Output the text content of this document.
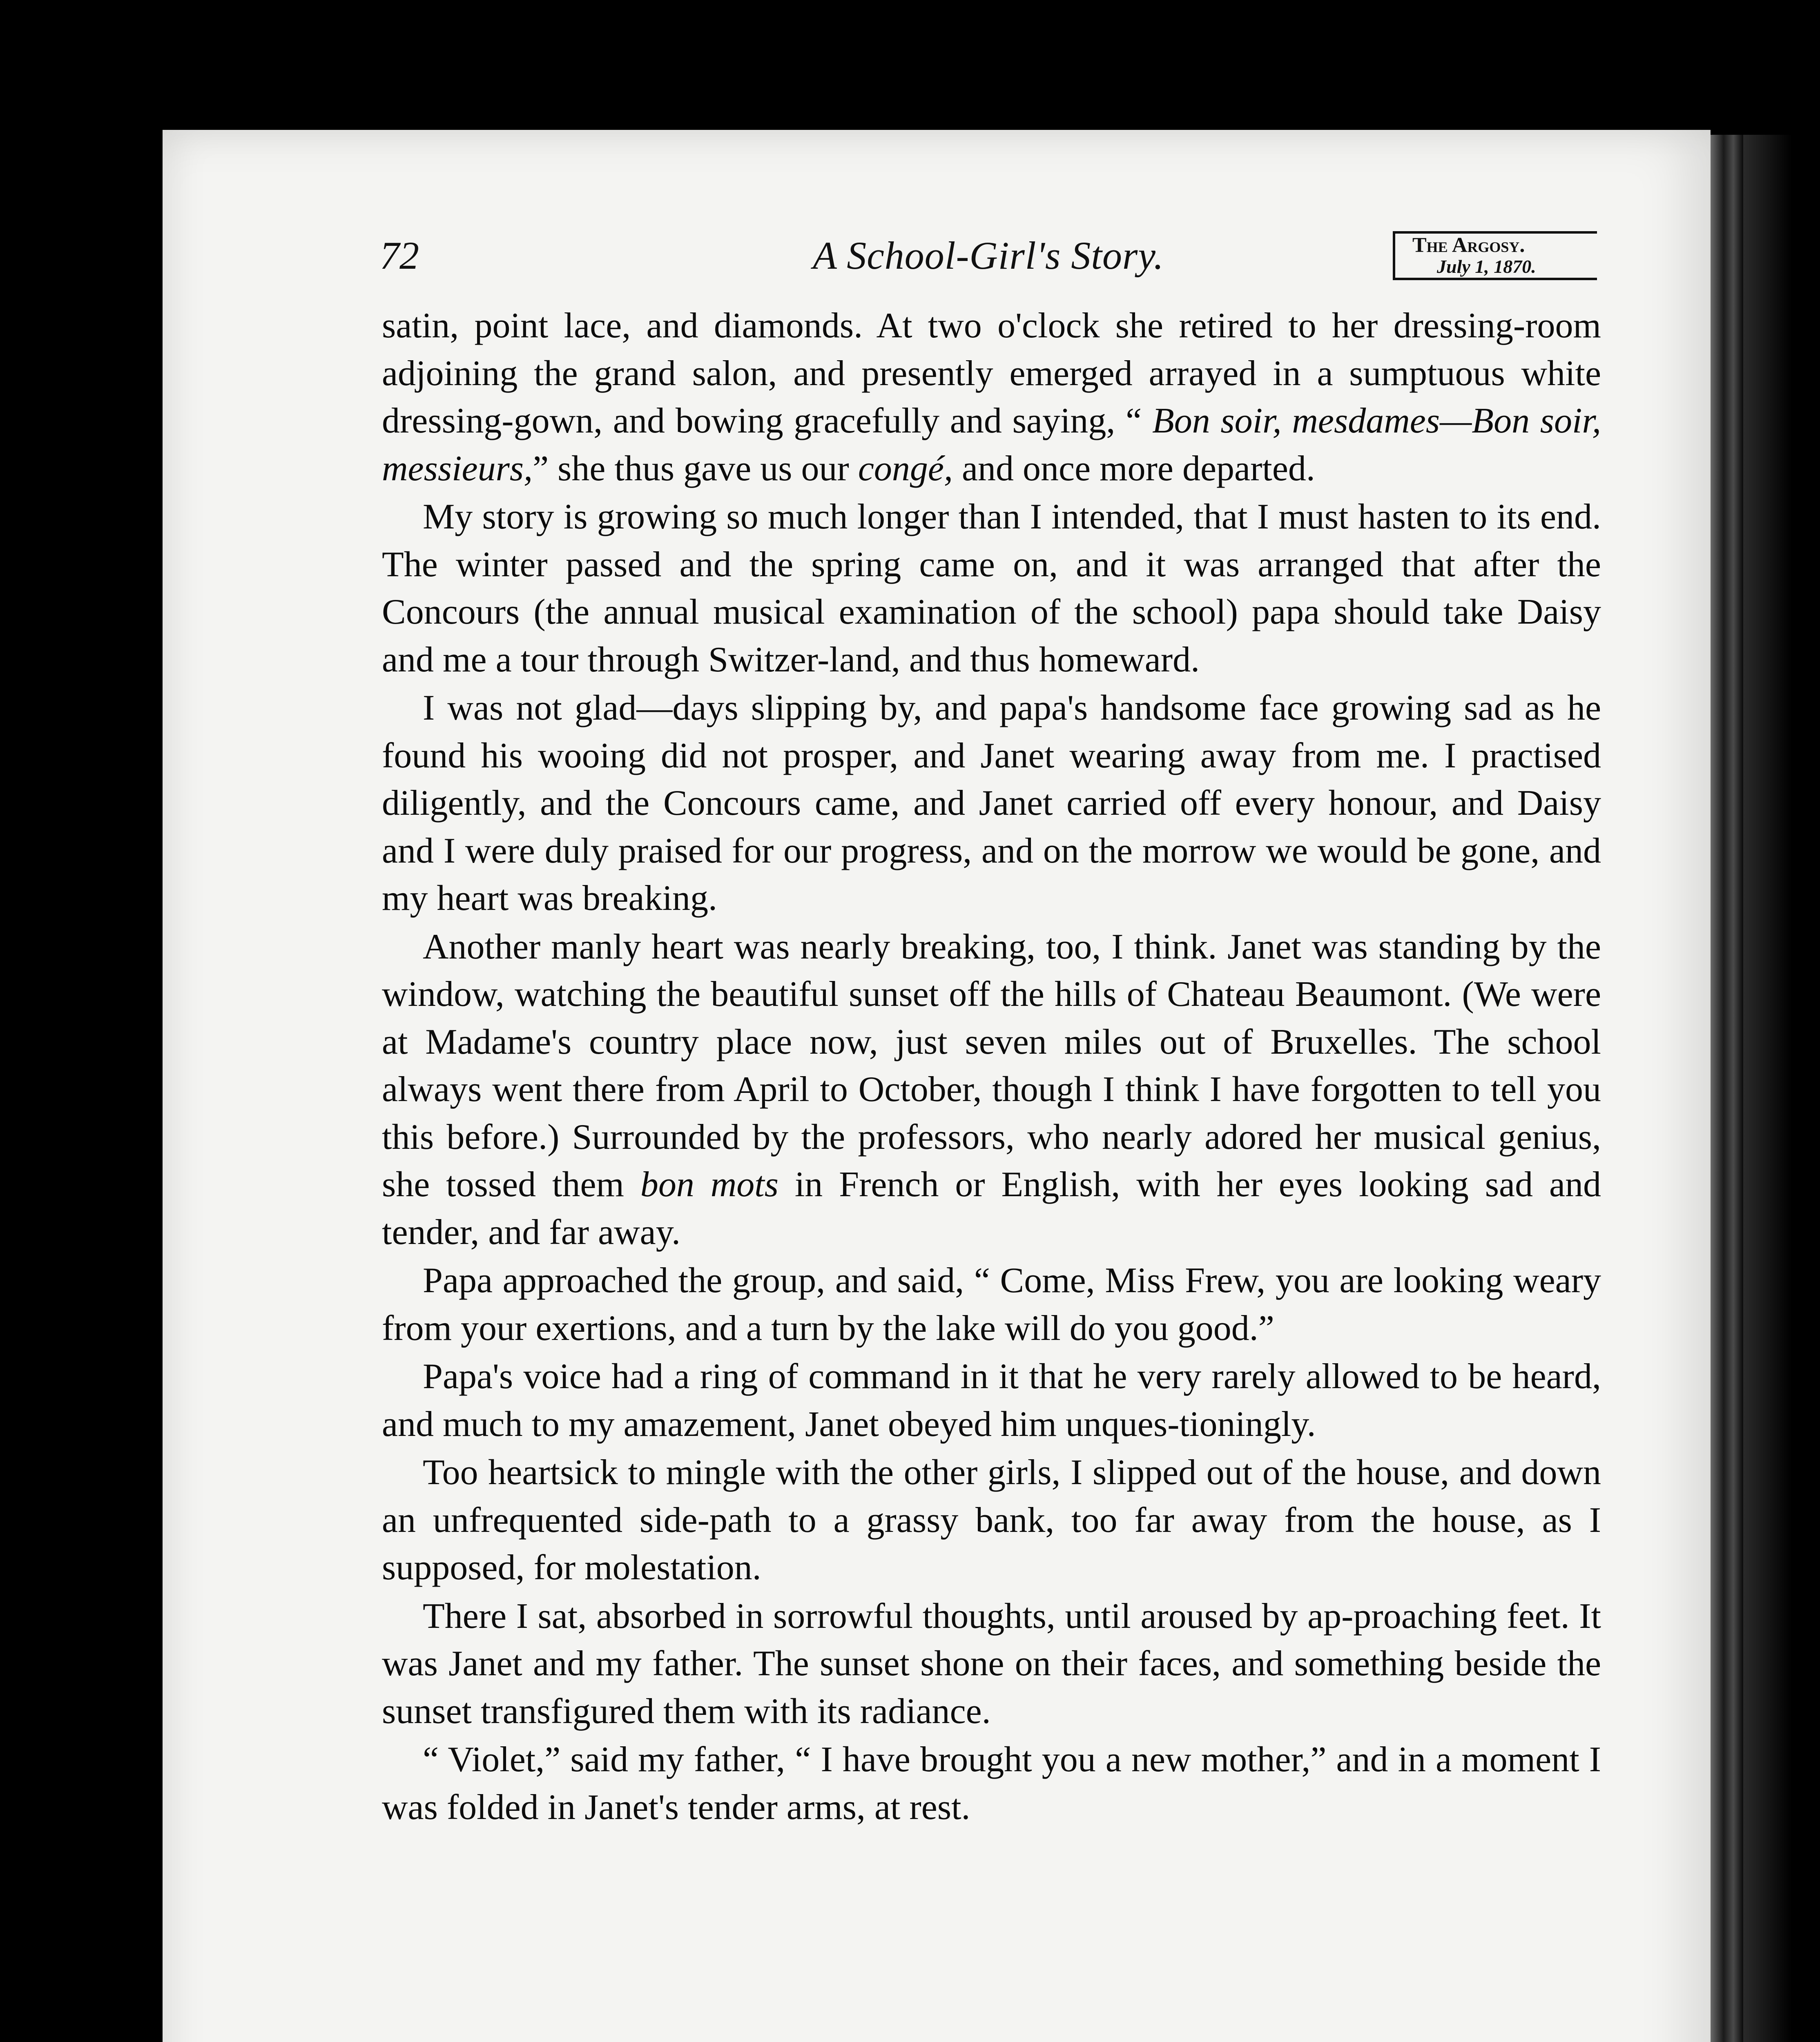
72	A School-Girl's Story.	The Argosy.
July 1, 1870.

satin, point lace, and diamonds. At two o'clock she retired to her dressing-room adjoining the grand salon, and presently emerged arrayed in a sumptuous white dressing-gown, and bowing gracefully and saying, “ Bon soir, mesdames—Bon soir, messieurs,” she thus gave us our congé, and once more departed.

My story is growing so much longer than I intended, that I must hasten to its end. The winter passed and the spring came on, and it was arranged that after the Concours (the annual musical examination of the school) papa should take Daisy and me a tour through Switzer-land, and thus homeward.

I was not glad—days slipping by, and papa's handsome face growing sad as he found his wooing did not prosper, and Janet wearing away from me. I practised diligently, and the Concours came, and Janet carried off every honour, and Daisy and I were duly praised for our progress, and on the morrow we would be gone, and my heart was breaking.

Another manly heart was nearly breaking, too, I think. Janet was standing by the window, watching the beautiful sunset off the hills of Chateau Beaumont. (We were at Madame's country place now, just seven miles out of Bruxelles. The school always went there from April to October, though I think I have forgotten to tell you this before.) Surrounded by the professors, who nearly adored her musical genius, she tossed them bon mots in French or English, with her eyes looking sad and tender, and far away.

Papa approached the group, and said, “ Come, Miss Frew, you are looking weary from your exertions, and a turn by the lake will do you good.”

Papa's voice had a ring of command in it that he very rarely allowed to be heard, and much to my amazement, Janet obeyed him unques-tioningly.

Too heartsick to mingle with the other girls, I slipped out of the house, and down an unfrequented side-path to a grassy bank, too far away from the house, as I supposed, for molestation.

There I sat, absorbed in sorrowful thoughts, until aroused by ap-proaching feet. It was Janet and my father. The sunset shone on their faces, and something beside the sunset transfigured them with its radiance.

“ Violet,” said my father, “ I have brought you a new mother,” and in a moment I was folded in Janet's tender arms, at rest.
